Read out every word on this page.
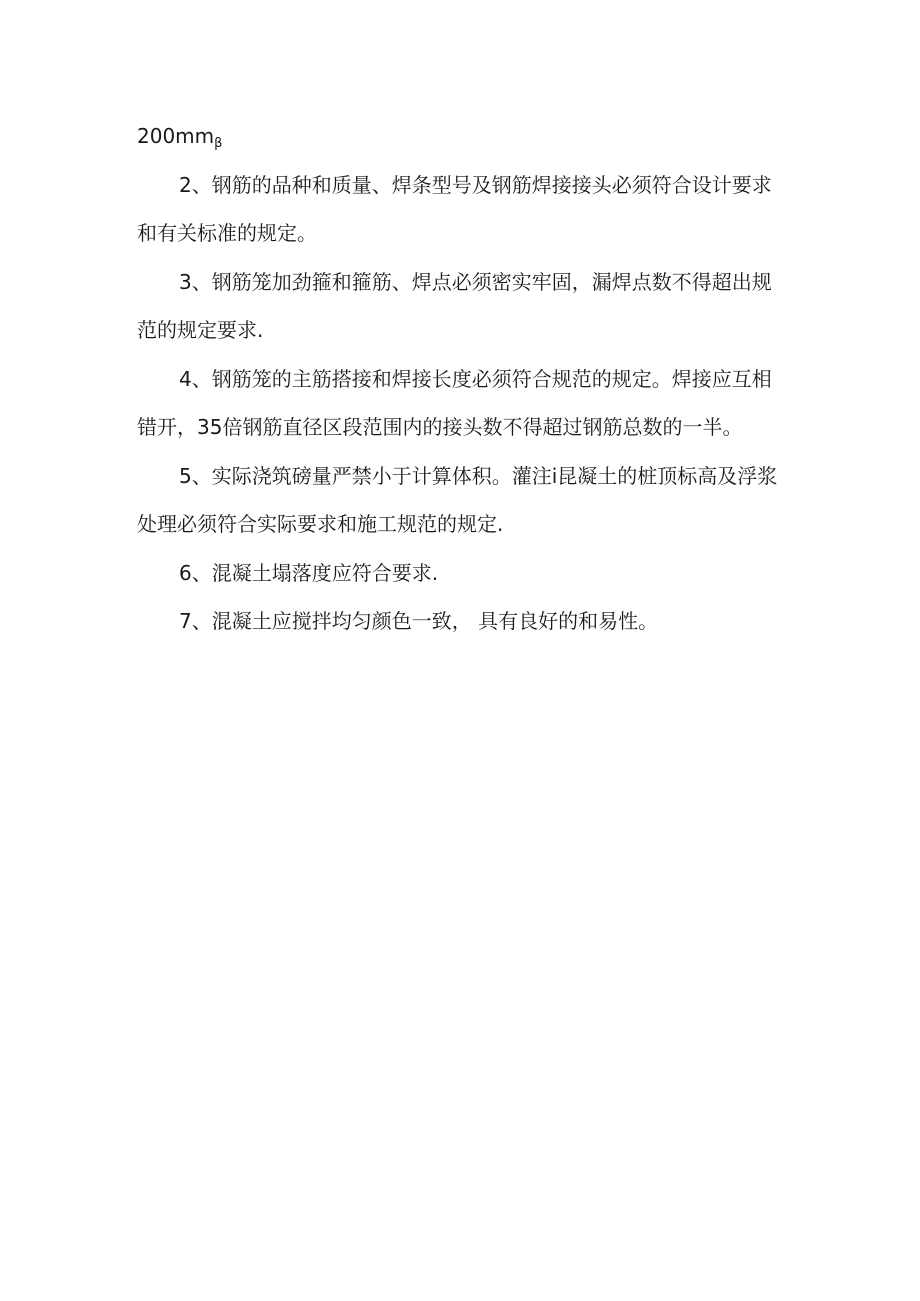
$200mm_\beta$

2、钢筋的品种和质量、焊条型号及钢筋焊接接头必须符合设计要求

和有关标准的规定。

3、钢筋笼加劲箍和箍筋、焊点必须密实牢固，漏焊点数不得超出规

范的规定要求.

4、钢筋笼的主筋搭接和焊接长度必须符合规范的规定。焊接应互相

错开，35倍钢筋直径区段范围内的接头数不得超过钢筋总数的一半。

5、实际浇筑磅量严禁小于计算体积。灌注i昆凝土的桩顶标高及浮浆

处理必须符合实际要求和施工规范的规定.

6、混凝土塌落度应符合要求.

7、混凝土应搅拌均匀颜色一致， 具有良好的和易性。
